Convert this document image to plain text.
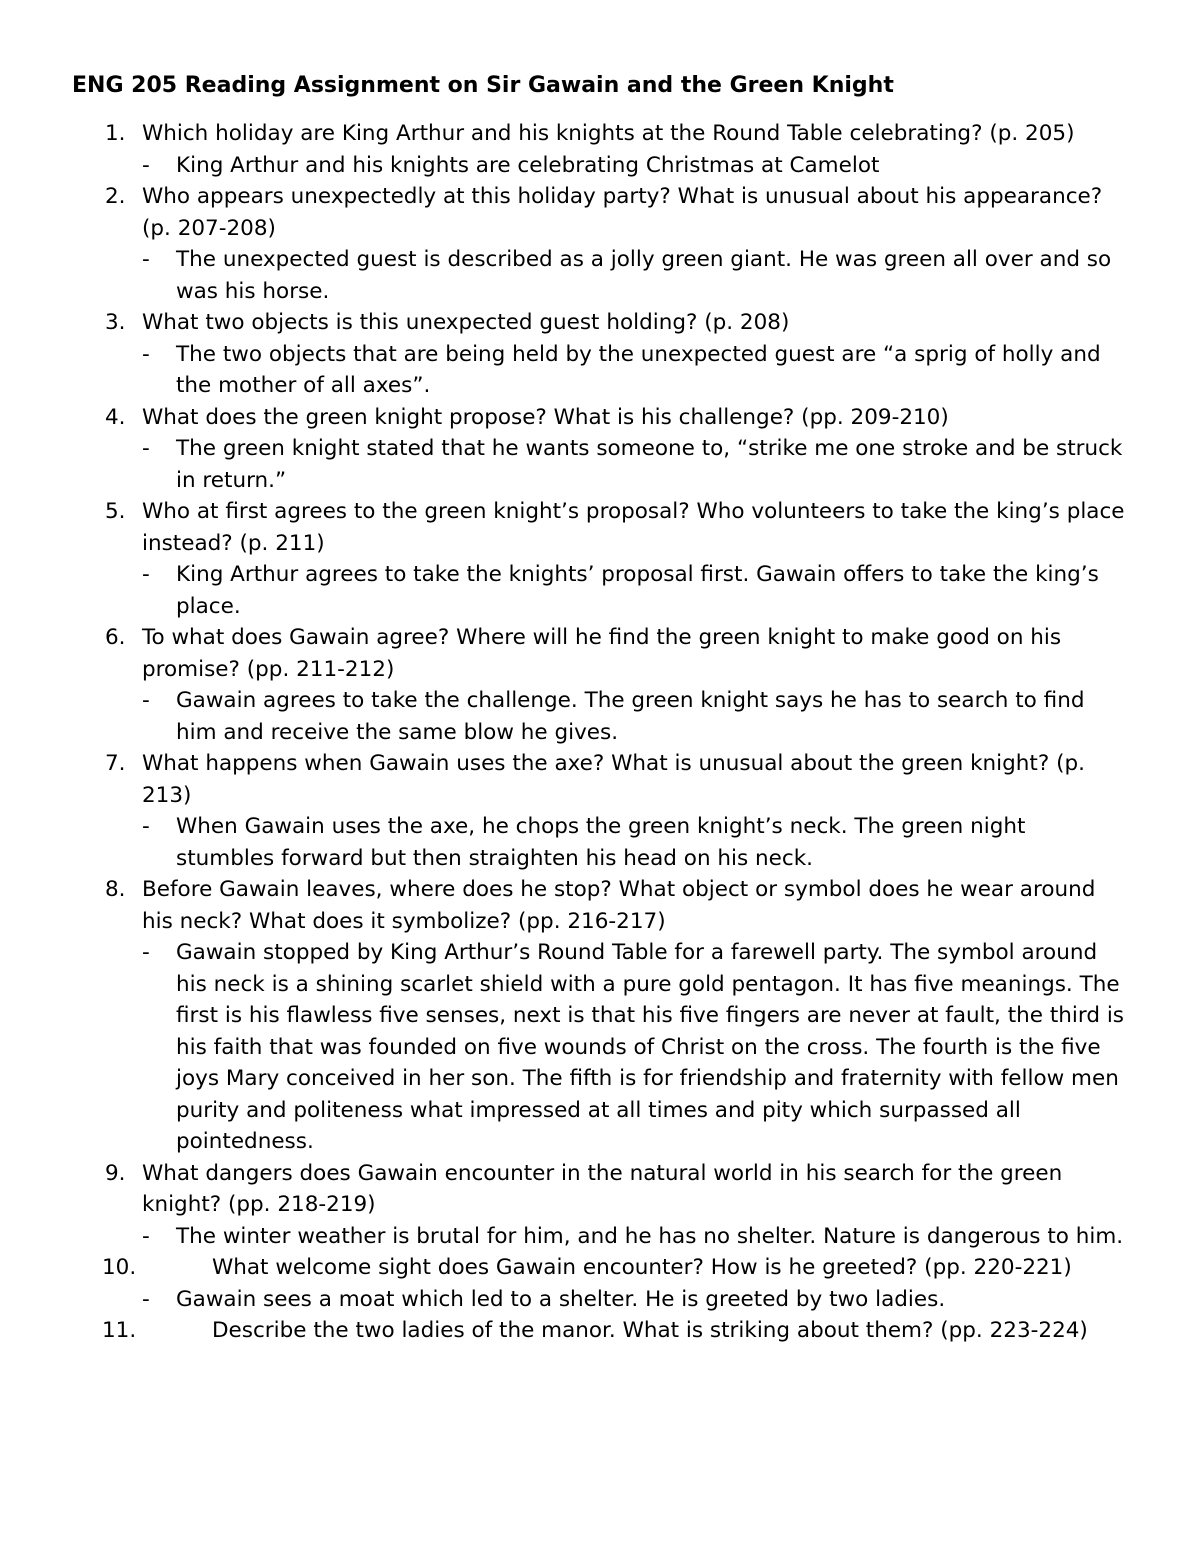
ENG 205 Reading Assignment on Sir Gawain and the Green Knight
1. Which holiday are King Arthur and his knights at the Round Table celebrating? (p. 205)
- King Arthur and his knights are celebrating Christmas at Camelot
2. Who appears unexpectedly at this holiday party? What is unusual about his appearance? (p. 207-208)
- The unexpected guest is described as a jolly green giant. He was green all over and so was his horse.
3. What two objects is this unexpected guest holding? (p. 208)
- The two objects that are being held by the unexpected guest are “a sprig of holly and the mother of all axes”.
4. What does the green knight propose? What is his challenge? (pp. 209-210)
- The green knight stated that he wants someone to, “strike me one stroke and be struck in return.”
5. Who at first agrees to the green knight’s proposal? Who volunteers to take the king’s place instead? (p. 211)
- King Arthur agrees to take the knights’ proposal first. Gawain offers to take the king’s place.
6. To what does Gawain agree? Where will he find the green knight to make good on his promise? (pp. 211-212)
- Gawain agrees to take the challenge. The green knight says he has to search to find him and receive the same blow he gives.
7. What happens when Gawain uses the axe? What is unusual about the green knight? (p. 213)
- When Gawain uses the axe, he chops the green knight’s neck. The green night stumbles forward but then straighten his head on his neck.
8. Before Gawain leaves, where does he stop? What object or symbol does he wear around his neck? What does it symbolize? (pp. 216-217)
- Gawain stopped by King Arthur’s Round Table for a farewell party. The symbol around his neck is a shining scarlet shield with a pure gold pentagon. It has five meanings. The first is his flawless five senses, next is that his five fingers are never at fault, the third is his faith that was founded on five wounds of Christ on the cross. The fourth is the five joys Mary conceived in her son. The fifth is for friendship and fraternity with fellow men purity and politeness what impressed at all times and pity which surpassed all pointedness.
9. What dangers does Gawain encounter in the natural world in his search for the green knight? (pp. 218-219)
- The winter weather is brutal for him, and he has no shelter. Nature is dangerous to him.
10.	What welcome sight does Gawain encounter? How is he greeted? (pp. 220-221)
- Gawain sees a moat which led to a shelter. He is greeted by two ladies.
11.	Describe the two ladies of the manor. What is striking about them? (pp. 223-224)
